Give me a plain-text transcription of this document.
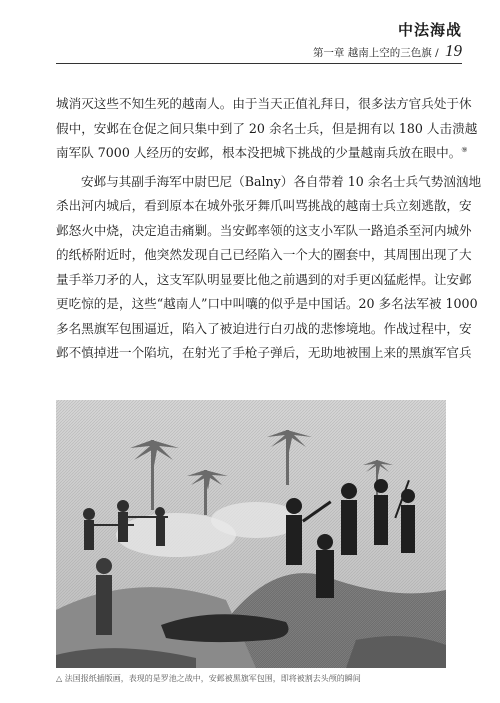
中法海战
第一章 越南上空的三色旗 / 19
城消灭这些不知生死的越南人。由于当天正值礼拜日，很多法方官兵处于休
假中，安邺在仓促之间只集中到了 20 余名士兵，但是拥有以 180 人击溃越
南军队 7000 人经历的安邺，根本没把城下挑战的少量越南兵放在眼中。⑨
安邺与其副手海军中尉巴尼（Balny）各自带着 10 余名士兵气势汹汹地
杀出河内城后，看到原本在城外张牙舞爪叫骂挑战的越南士兵立刻逃散，安
邺怒火中烧，决定追击痛剿。当安邺率领的这支小军队一路追杀至河内城外
的纸桥附近时，他突然发现自己已经陷入一个大的圈套中，其周围出现了大
量手举刀矛的人，这支军队明显要比他之前遇到的对手更凶猛彪悍。让安邺
更吃惊的是，这些“越南人”口中叫嚷的似乎是中国话。20 多名法军被 1000
多名黑旗军包围逼近，陷入了被迫进行白刃战的悲惨境地。作战过程中，安
邺不慎掉进一个陷坑，在射光了手枪子弹后，无助地被围上来的黑旗军官兵
△ 法国报纸插版画，表现的是罗池之战中，安邺被黑旗军包围，即将被割去头颅的瞬间
